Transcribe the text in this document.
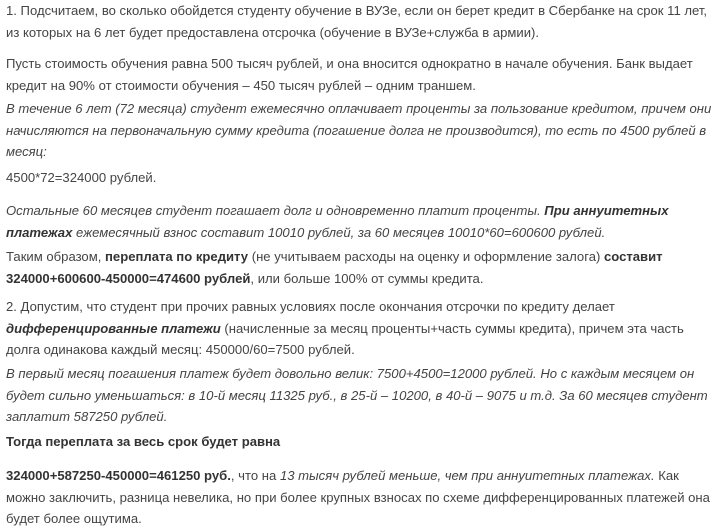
1. Подсчитаем, во сколько обойдется студенту обучение в ВУЗе, если он берет кредит в Сбербанке на срок 11 лет, из которых на 6 лет будет предоставлена отсрочка (обучение в ВУЗе+служба в армии).

Пусть стоимость обучения равна 500 тысяч рублей, и она вносится однократно в начале обучения. Банк выдает кредит на 90% от стоимости обучения – 450 тысяч рублей – одним траншем.

В течение 6 лет (72 месяца) студент ежемесячно оплачивает проценты за пользование кредитом, причем они начисляются на первоначальную сумму кредита (погашение долга не производится), то есть по 4500 рублей в месяц:

4500*72=324000 рублей.

Остальные 60 месяцев студент погашает долг и одновременно платит проценты. При аннуитетных платежах ежемесячный взнос составит 10010 рублей, за 60 месяцев 10010*60=600600 рублей.

Таким образом, переплата по кредиту (не учитываем расходы на оценку и оформление залога) составит 324000+600600-450000=474600 рублей, или больше 100% от суммы кредита.

2. Допустим, что студент при прочих равных условиях после окончания отсрочки по кредиту делает дифференцированные платежи (начисленные за месяц проценты+часть суммы кредита), причем эта часть долга одинакова каждый месяц: 450000/60=7500 рублей.

В первый месяц погашения платеж будет довольно велик: 7500+4500=12000 рублей. Но с каждым месяцем он будет сильно уменьшаться: в 10-й месяц 11325 руб., в 25-й – 10200, в 40-й – 9075 и т.д. За 60 месяцев студент заплатит 587250 рублей.

Тогда переплата за весь срок будет равна

324000+587250-450000=461250 руб., что на 13 тысяч рублей меньше, чем при аннуитетных платежах. Как можно заключить, разница невелика, но при более крупных взносах по схеме дифференцированных платежей она будет более ощутима.
